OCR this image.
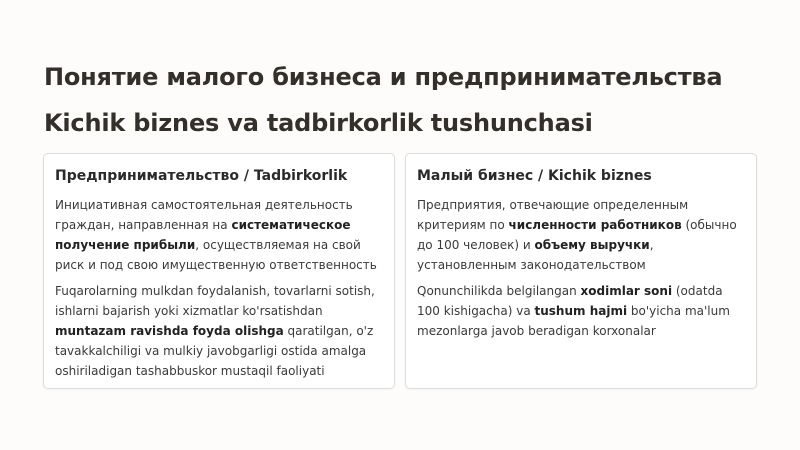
Понятие малого бизнеса и предпринимательства
Kichik biznes va tadbirkorlik tushunchasi
Предпринимательство / Tadbirkorlik

Инициативная самостоятельная деятельность граждан, направленная на систематическое получение прибыли, осуществляемая на свой риск и под свою имущественную ответственность

Fuqarolarning mulkdan foydalanish, tovarlarni sotish, ishlarni bajarish yoki xizmatlar ko'rsatishdan muntazam ravishda foyda olishga qaratilgan, o'z tavakkalchiligi va mulkiy javobgarligi ostida amalga oshiriladigan tashabbuskor mustaqil faoliyati

Малый бизнес / Kichik biznes

Предприятия, отвечающие определенным критериям по численности работников (обычно до 100 человек) и объему выручки, установленным законодательством

Qonunchilikda belgilangan xodimlar soni (odatda 100 kishigacha) va tushum hajmi bo'yicha ma'lum mezonlarga javob beradigan korxonalar
